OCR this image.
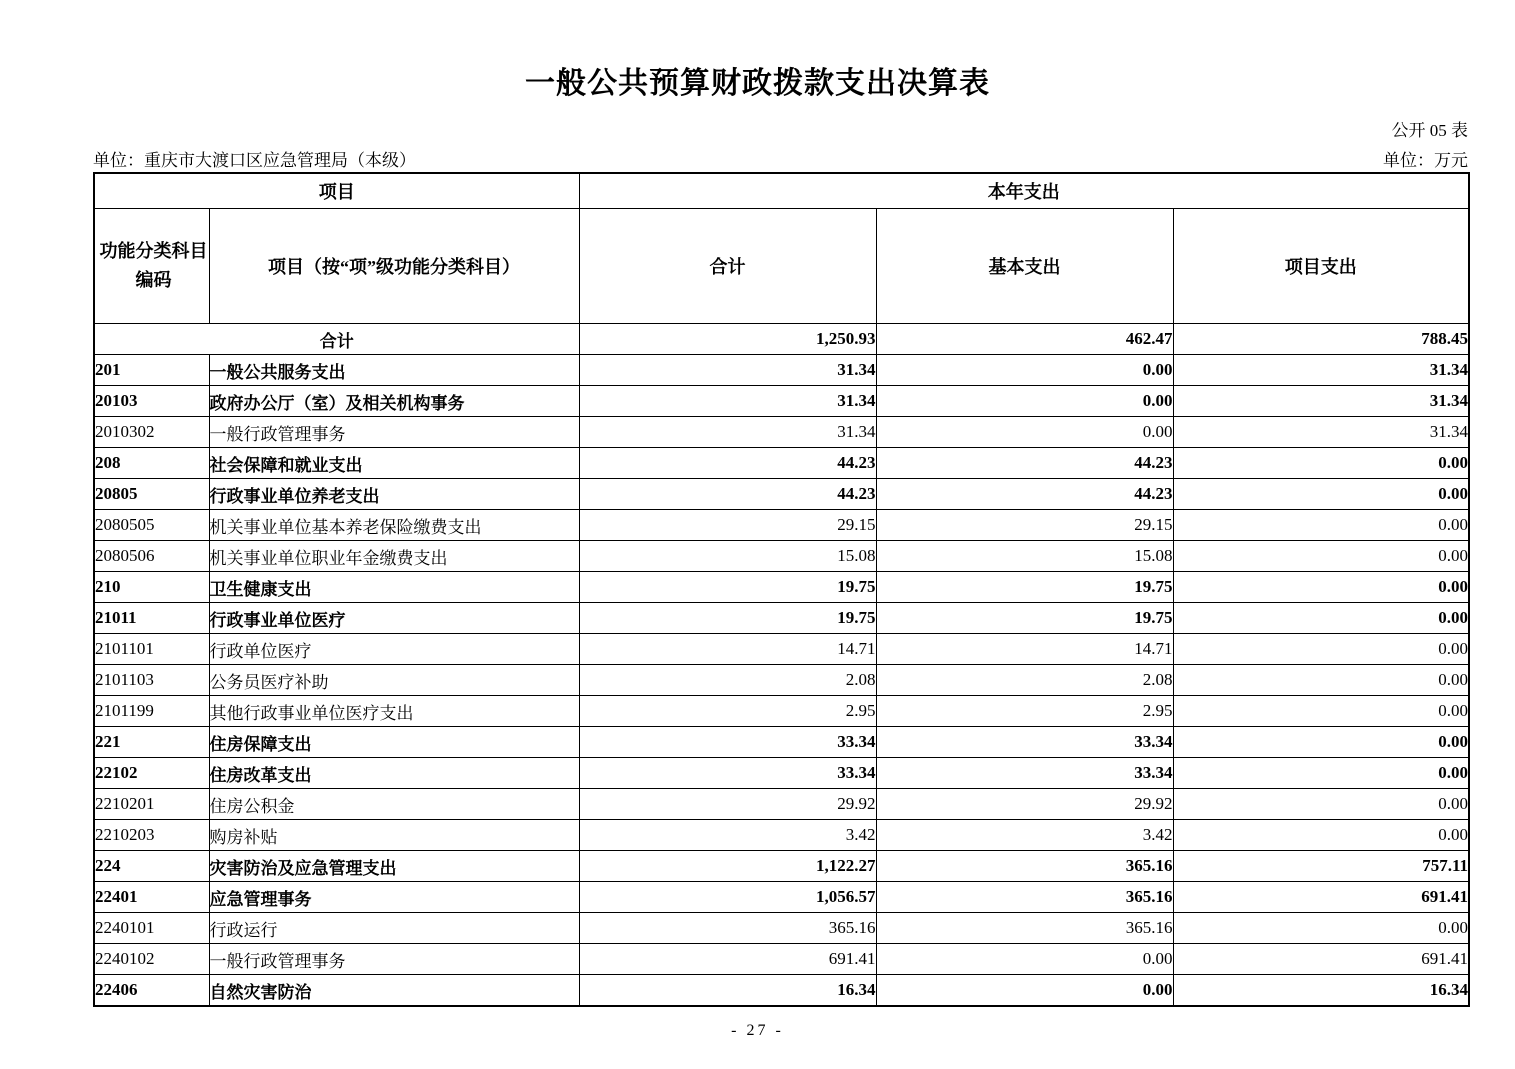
一般公共预算财政拨款支出决算表
公开 05 表
单位：重庆市大渡口区应急管理局（本级）	单位：万元
项目		本年支出		

功能分类科目编码	项目（按“项”级功能分类科目）	合计	基本支出	项目支出
合计		1,250.93	462.47	788.45
201	一般公共服务支出	31.34	0.00	31.34
20103	政府办公厅（室）及相关机构事务	31.34	0.00	31.34
2010302	一般行政管理事务	31.34	0.00	31.34
208	社会保障和就业支出	44.23	44.23	0.00
20805	行政事业单位养老支出	44.23	44.23	0.00
2080505	机关事业单位基本养老保险缴费支出	29.15	29.15	0.00
2080506	机关事业单位职业年金缴费支出	15.08	15.08	0.00
210	卫生健康支出	19.75	19.75	0.00
21011	行政事业单位医疗	19.75	19.75	0.00
2101101	行政单位医疗	14.71	14.71	0.00
2101103	公务员医疗补助	2.08	2.08	0.00
2101199	其他行政事业单位医疗支出	2.95	2.95	0.00
221	住房保障支出	33.34	33.34	0.00
22102	住房改革支出	33.34	33.34	0.00
2210201	住房公积金	29.92	29.92	0.00
2210203	购房补贴	3.42	3.42	0.00
224	灾害防治及应急管理支出	1,122.27	365.16	757.11
22401	应急管理事务	1,056.57	365.16	691.41
2240101	行政运行	365.16	365.16	0.00
2240102	一般行政管理事务	691.41	0.00	691.41
22406	自然灾害防治	16.34	0.00	16.34
- 27 -
